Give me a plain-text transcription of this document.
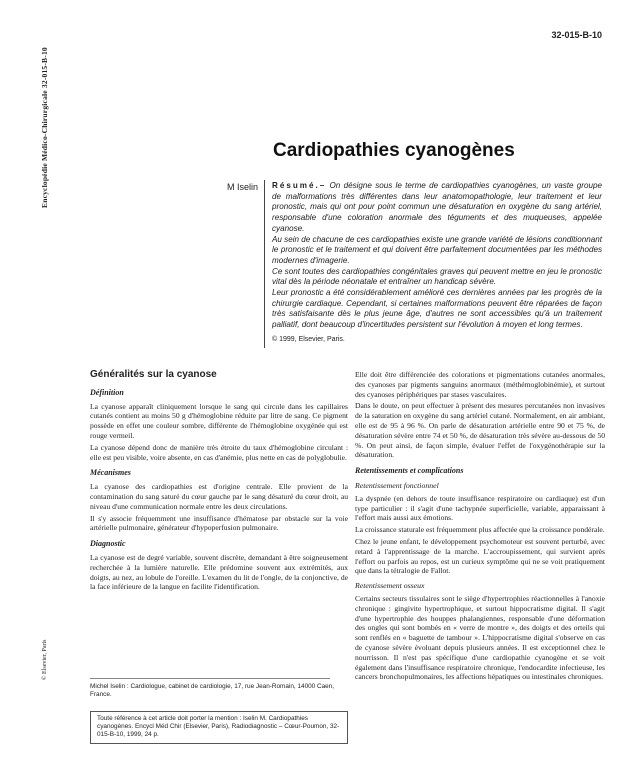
Encyclopédie Médico-Chirurgicale 32-015-B-10
© Elsevier, Paris
32-015-B-10
Cardiopathies cyanogènes
M Iselin Résumé.– On désigne sous le terme de cardiopathies cyanogènes, un vaste groupe de malformations très différentes dans leur anatomopathologie, leur traitement et leur pronostic, mais qui ont pour point commun une désaturation en oxygène du sang artériel, responsable d'une coloration anormale des téguments et des muqueuses, appelée cyanose.

Au sein de chacune de ces cardiopathies existe une grande variété de lésions conditionnant le pronostic et le traitement et qui doivent être parfaitement documentées par les méthodes modernes d'imagerie.

Ce sont toutes des cardiopathies congénitales graves qui peuvent mettre en jeu le pronostic vital dès la période néonatale et entraîner un handicap sévère.

Leur pronostic a été considérablement amélioré ces dernières années par les progrès de la chirurgie cardiaque. Cependant, si certaines malformations peuvent être réparées de façon très satisfaisante dès le plus jeune âge, d'autres ne sont accessibles qu'à un traitement palliatif, dont beaucoup d'incertitudes persistent sur l'évolution à moyen et long termes.

© 1999, Elsevier, Paris.

Généralités sur la cyanose
Définition

La cyanose apparaît cliniquement lorsque le sang qui circule dans les capillaires cutanés contient au moins 50 g d'hémoglobine réduite par litre de sang. Ce pigment possède en effet une couleur sombre, différente de l'hémoglobine oxygénée qui est rouge vermeil.

La cyanose dépend donc de manière très étroite du taux d'hémoglobine circulant : elle est peu visible, voire absente, en cas d'anémie, plus nette en cas de polyglobulie.

Mécanismes

La cyanose des cardiopathies est d'origine centrale. Elle provient de la contamination du sang saturé du cœur gauche par le sang désaturé du cœur droit, au niveau d'une communication normale entre les deux circulations.

Il s'y associe fréquemment une insuffisance d'hématose par obstacle sur la voie artérielle pulmonaire, générateur d'hypoperfusion pulmonaire.

Diagnostic

La cyanose est de degré variable, souvent discrète, demandant à être soigneusement recherchée à la lumière naturelle. Elle prédomine souvent aux extrémités, aux doigts, au nez, au lobule de l'oreille. L'examen du lit de l'ongle, de la conjonctive, de la face inférieure de la langue en facilite l'identification.

Michel Iselin : Cardiologue, cabinet de cardiologie, 17, rue Jean-Romain, 14000 Caen, France.
Toute référence à cet article doit porter la mention : Iselin M. Cardiopathies cyanogènes. Encycl Méd Chir (Elsevier, Paris), Radiodiagnostic – Cœur-Poumon, 32-015-B-10, 1999, 24 p.

Elle doit être différenciée des colorations et pigmentations cutanées anormales, des cyanoses par pigments sanguins anormaux (méthémoglobinémie), et surtout des cyanoses périphériques par stases vasculaires.

Dans le doute, on peut effectuer à présent des mesures percutanées non invasives de la saturation en oxygène du sang artériel cutané. Normalement, en air ambiant, elle est de 95 à 96 %. On parle de désaturation artérielle entre 90 et 75 %, de désaturation sévère entre 74 et 50 %, de désaturation très sévère au-dessous de 50 %. On peut ainsi, de façon simple, évaluer l'effet de l'oxygénothérapie sur la désaturation.

Retentissements et complications
Retentissement fonctionnel

La dyspnée (en dehors de toute insuffisance respiratoire ou cardiaque) est d'un type particulier : il s'agit d'une tachypnée superficielle, variable, apparaissant à l'effort mais aussi aux émotions.

La croissance staturale est fréquemment plus affectée que la croissance pondérale.

Chez le jeune enfant, le développement psychomoteur est souvent perturbé, avec retard à l'apprentissage de la marche. L'accroupissement, qui survient après l'effort ou parfois au repos, est un curieux symptôme qui ne se voit pratiquement que dans la tétralogie de Fallot.

Retentissement osseux

Certains secteurs tissulaires sont le siège d'hypertrophies réactionnelles à l'anoxie chronique : gingivite hypertrophique, et surtout hippocratisme digital. Il s'agit d'une hypertrophie des houppes phalangiennes, responsable d'une déformation des ongles qui sont bombés en « verre de montre », des doigts et des orteils qui sont renflés en « baguette de tambour ». L'hippocratisme digital s'observe en cas de cyanose sévère évoluant depuis plusieurs années. Il est exceptionnel chez le nourrisson. Il n'est pas spécifique d'une cardiopathie cyanogène et se voit également dans l'insuffisance respiratoire chronique, l'endocardite infectieuse, les cancers bronchopulmonaires, les affections hépatiques ou intestinales chroniques.
